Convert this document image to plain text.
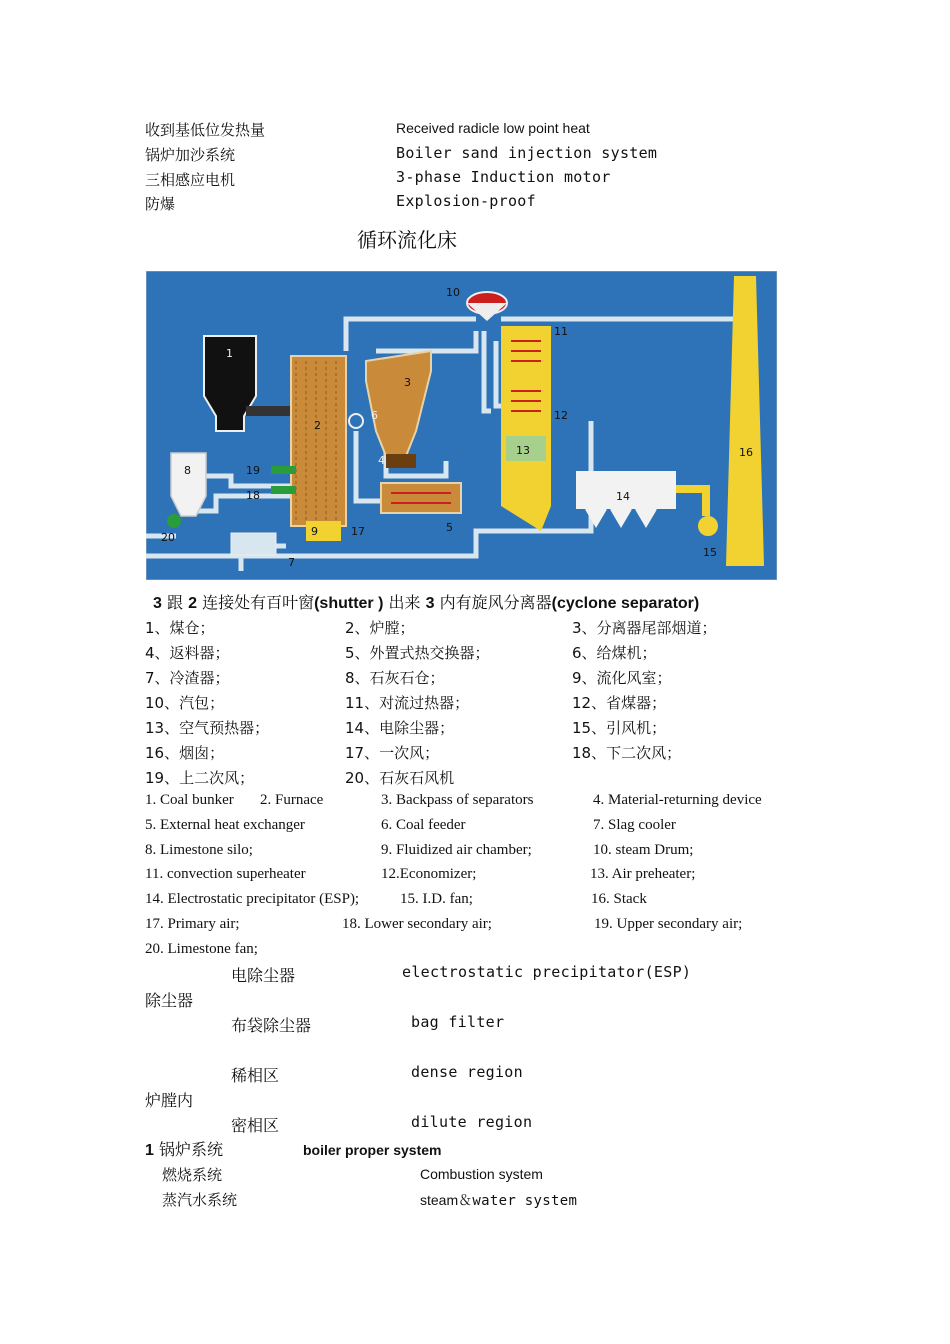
收到基低位发热量	Received radicle low point heat
锅炉加沙系统	Boiler sand injection system
三相感应电机	3-phase Induction motor
防爆	Explosion-proof
循环流化床
1
2
3
4
5
6
7
8
9
10
11
12
13
14
15
16
17
18
19
20
3 跟 2 连接处有百叶窗(shutter ) 出来 3 内有旋风分离器(cyclone separator)
1、煤仓；	2、炉膛；	3、分离器尾部烟道；
4、返料器；	5、外置式热交换器；	6、给煤机；
7、冷渣器；	8、石灰石仓；	9、流化风室；
10、汽包；	11、对流过热器；	12、省煤器；
13、空气预热器；	14、电除尘器；	15、引风机；
16、烟囱；	17、一次风；	18、下二次风；
19、上二次风；	20、石灰石风机
1. Coal bunker 2. Furnace	3. Backpass of separators	4. Material-returning device
5. External heat exchanger	6. Coal feeder	7. Slag cooler
8. Limestone silo;	9. Fluidized air chamber;	10. steam Drum;
11. convection superheater	12.Economizer;	13. Air preheater;
14. Electrostatic precipitator (ESP);	15. I.D. fan;	16. Stack
17. Primary air;	18. Lower secondary air;	19. Upper secondary air;
20. Limestone fan;
电除尘器	electrostatic precipitator(ESP)
除尘器
布袋除尘器	bag filter
稀相区	dense region
炉膛内
密相区	dilute region
1 锅炉系统	boiler proper system
燃烧系统	Combustion system
蒸汽水系统	steam＆water system
